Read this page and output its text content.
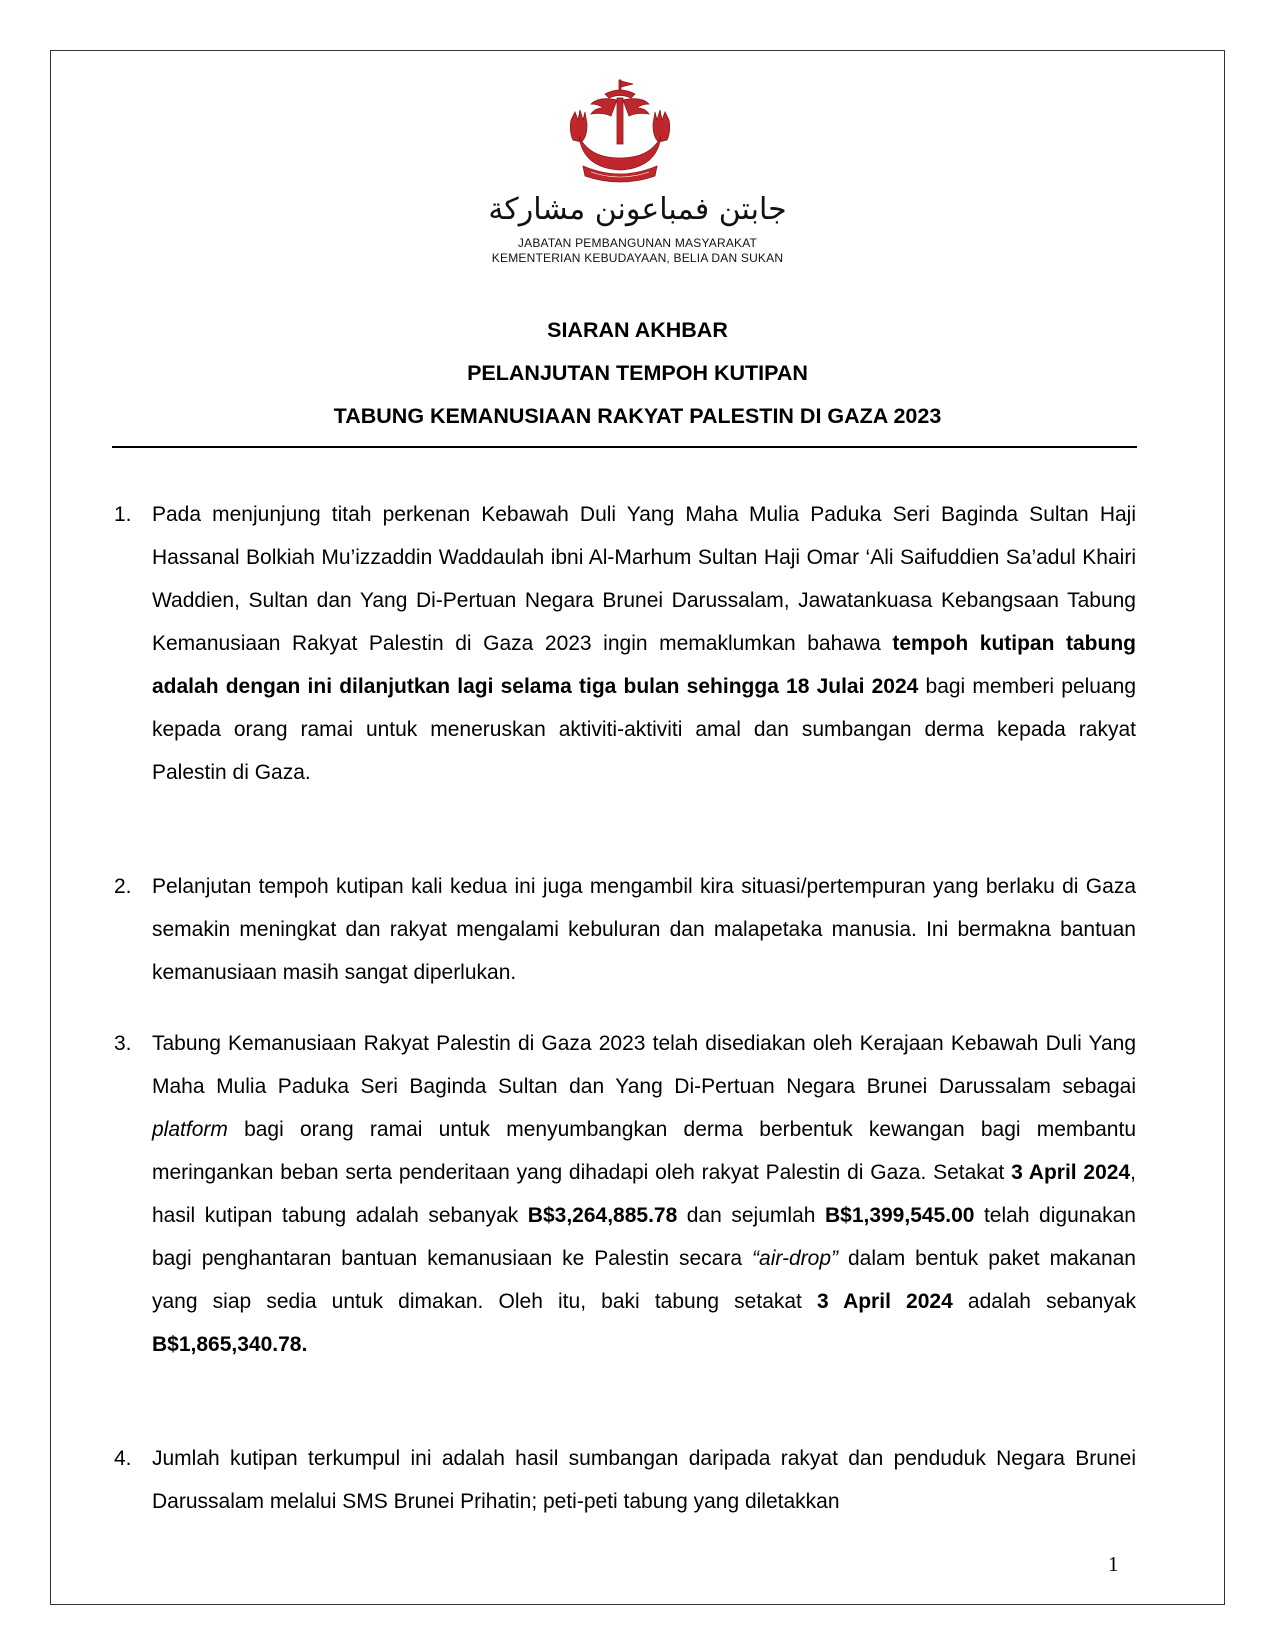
جابتن فمباعونن مشاركة
JABATAN PEMBANGUNAN MASYARAKAT
KEMENTERIAN KEBUDAYAAN, BELIA DAN SUKAN
SIARAN AKHBAR
PELANJUTAN TEMPOH KUTIPAN
TABUNG KEMANUSIAAN RAKYAT PALESTIN DI GAZA 2023
1. Pada menjunjung titah perkenan Kebawah Duli Yang Maha Mulia Paduka Seri Baginda Sultan Haji Hassanal Bolkiah Mu’izzaddin Waddaulah ibni Al-Marhum Sultan Haji Omar ‘Ali Saifuddien Sa’adul Khairi Waddien, Sultan dan Yang Di-Pertuan Negara Brunei Darussalam, Jawatankuasa Kebangsaan Tabung Kemanusiaan Rakyat Palestin di Gaza 2023 ingin memaklumkan bahawa tempoh kutipan tabung adalah dengan ini dilanjutkan lagi selama tiga bulan sehingga 18 Julai 2024 bagi memberi peluang kepada orang ramai untuk meneruskan aktiviti-aktiviti amal dan sumbangan derma kepada rakyat Palestin di Gaza.
2. Pelanjutan tempoh kutipan kali kedua ini juga mengambil kira situasi/pertempuran yang berlaku di Gaza semakin meningkat dan rakyat mengalami kebuluran dan malapetaka manusia. Ini bermakna bantuan kemanusiaan masih sangat diperlukan.
3. Tabung Kemanusiaan Rakyat Palestin di Gaza 2023 telah disediakan oleh Kerajaan Kebawah Duli Yang Maha Mulia Paduka Seri Baginda Sultan dan Yang Di-Pertuan Negara Brunei Darussalam sebagai platform bagi orang ramai untuk menyumbangkan derma berbentuk kewangan bagi membantu meringankan beban serta penderitaan yang dihadapi oleh rakyat Palestin di Gaza. Setakat 3 April 2024, hasil kutipan tabung adalah sebanyak B$3,264,885.78 dan sejumlah B$1,399,545.00 telah digunakan bagi penghantaran bantuan kemanusiaan ke Palestin secara “air-drop” dalam bentuk paket makanan yang siap sedia untuk dimakan. Oleh itu, baki tabung setakat 3 April 2024 adalah sebanyak B$1,865,340.78.
4. Jumlah kutipan terkumpul ini adalah hasil sumbangan daripada rakyat dan penduduk Negara Brunei Darussalam melalui SMS Brunei Prihatin; peti-peti tabung yang diletakkan
1
